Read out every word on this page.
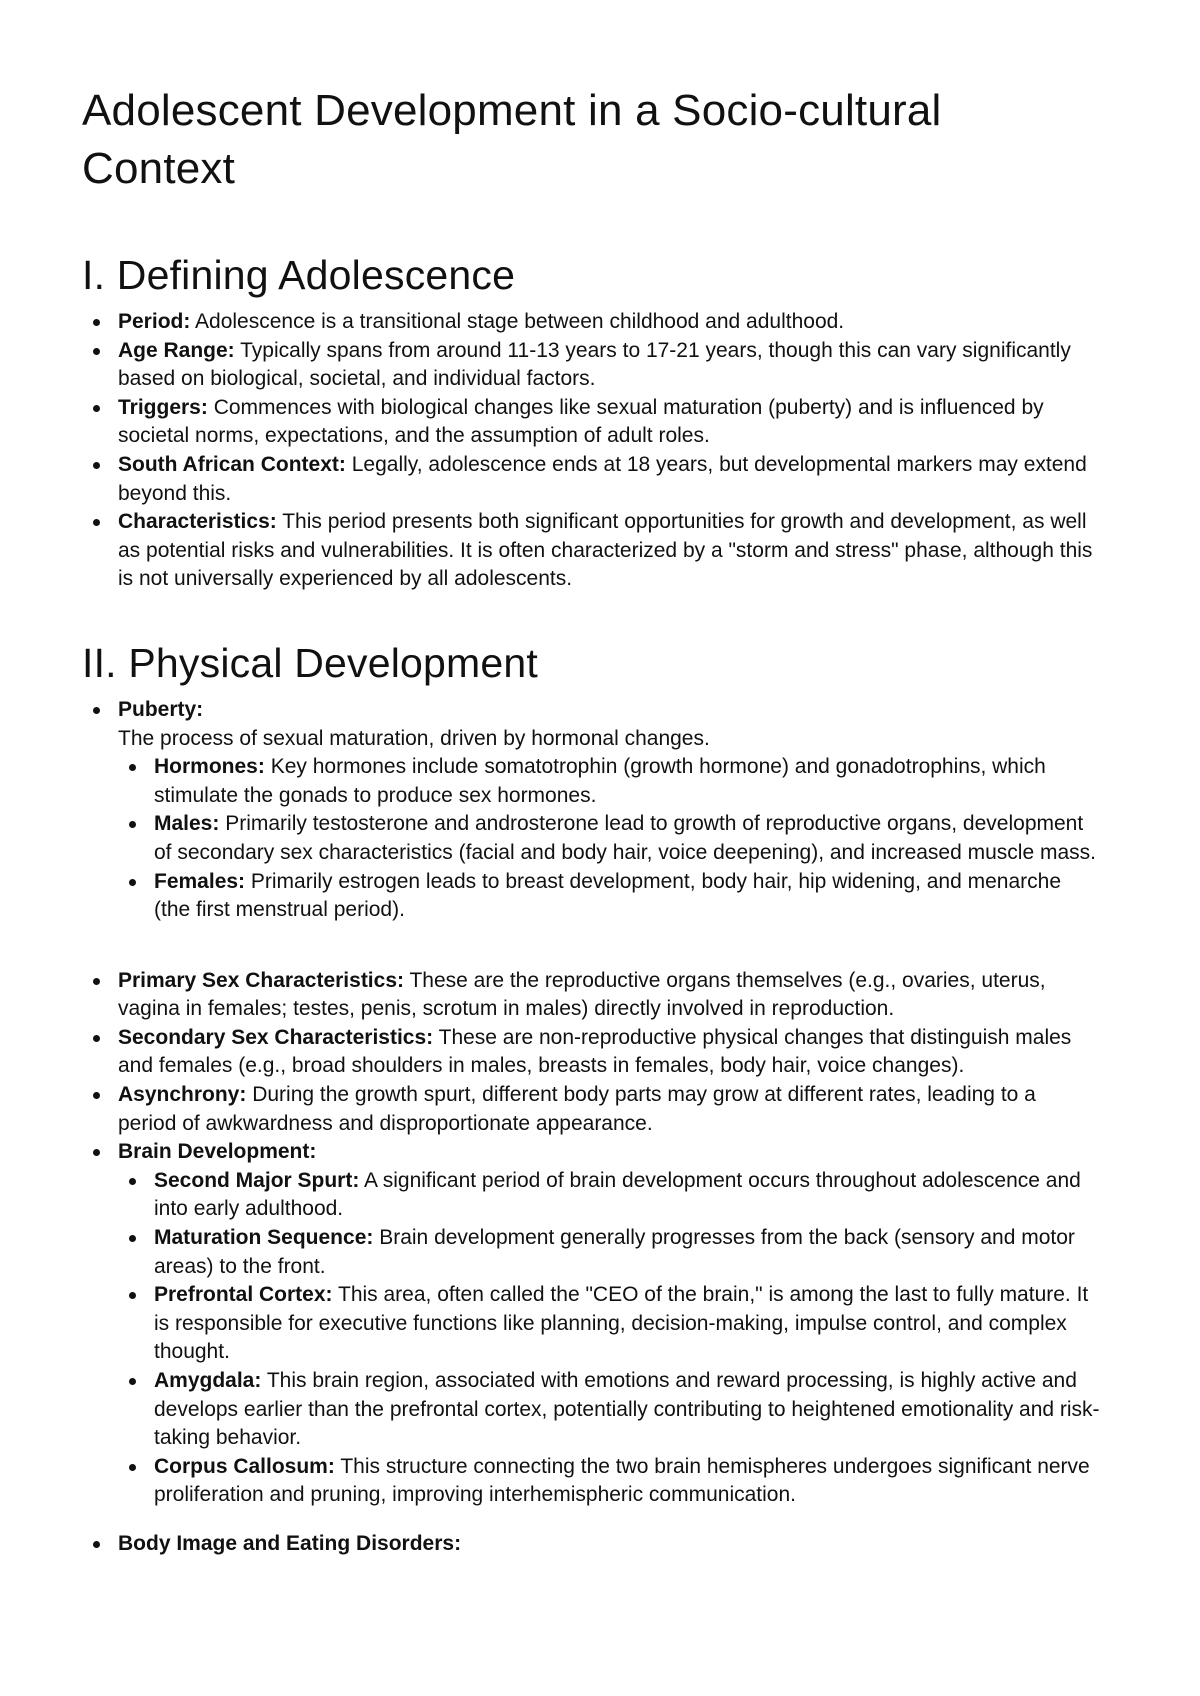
Adolescent Development in a Socio-cultural Context
I. Defining Adolescence
Period: Adolescence is a transitional stage between childhood and adulthood.
Age Range: Typically spans from around 11-13 years to 17-21 years, though this can vary significantly based on biological, societal, and individual factors.
Triggers: Commences with biological changes like sexual maturation (puberty) and is influenced by societal norms, expectations, and the assumption of adult roles.
South African Context: Legally, adolescence ends at 18 years, but developmental markers may extend beyond this.
Characteristics: This period presents both significant opportunities for growth and development, as well as potential risks and vulnerabilities. It is often characterized by a "storm and stress" phase, although this is not universally experienced by all adolescents.
II. Physical Development
Puberty:
The process of sexual maturation, driven by hormonal changes.
Hormones: Key hormones include somatotrophin (growth hormone) and gonadotrophins, which stimulate the gonads to produce sex hormones.
Males: Primarily testosterone and androsterone lead to growth of reproductive organs, development of secondary sex characteristics (facial and body hair, voice deepening), and increased muscle mass.
Females: Primarily estrogen leads to breast development, body hair, hip widening, and menarche (the first menstrual period).
Primary Sex Characteristics: These are the reproductive organs themselves (e.g., ovaries, uterus, vagina in females; testes, penis, scrotum in males) directly involved in reproduction.
Secondary Sex Characteristics: These are non-reproductive physical changes that distinguish males and females (e.g., broad shoulders in males, breasts in females, body hair, voice changes).
Asynchrony: During the growth spurt, different body parts may grow at different rates, leading to a period of awkwardness and disproportionate appearance.
Brain Development:
Second Major Spurt: A significant period of brain development occurs throughout adolescence and into early adulthood.
Maturation Sequence: Brain development generally progresses from the back (sensory and motor areas) to the front.
Prefrontal Cortex: This area, often called the "CEO of the brain," is among the last to fully mature. It is responsible for executive functions like planning, decision-making, impulse control, and complex thought.
Amygdala: This brain region, associated with emotions and reward processing, is highly active and develops earlier than the prefrontal cortex, potentially contributing to heightened emotionality and risk-taking behavior.
Corpus Callosum: This structure connecting the two brain hemispheres undergoes significant nerve proliferation and pruning, improving interhemispheric communication.
Body Image and Eating Disorders:
